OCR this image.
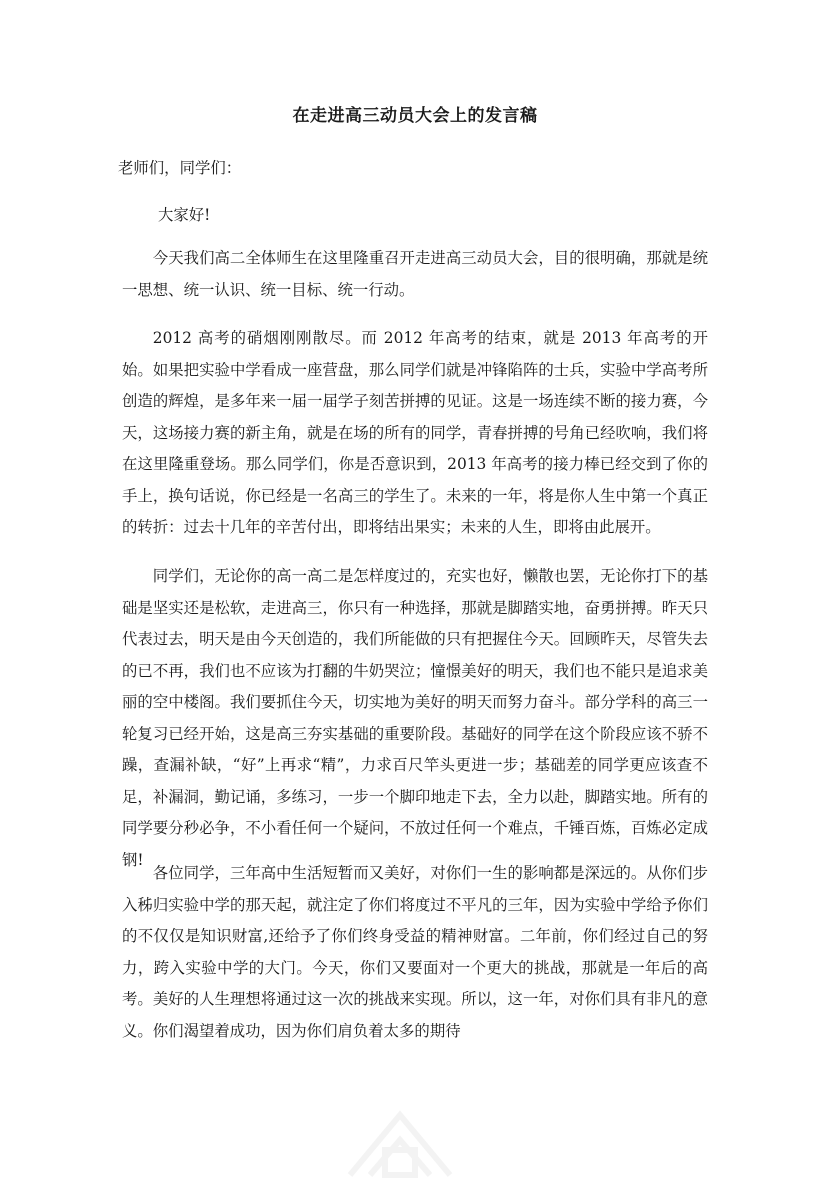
在走进高三动员大会上的发言稿
老师们，同学们：
大家好!

今天我们高二全体师生在这里隆重召开走进高三动员大会，目的很明确，那就是统一思想、统一认识、统一目标、统一行动。

2012 高考的硝烟刚刚散尽。而 2012 年高考的结束，就是 2013 年高考的开始。如果把实验中学看成一座营盘，那么同学们就是冲锋陷阵的士兵，实验中学高考所创造的辉煌，是多年来一届一届学子刻苦拼搏的见证。这是一场连续不断的接力赛，今天，这场接力赛的新主角，就是在场的所有的同学，青春拼搏的号角已经吹响，我们将在这里隆重登场。那么同学们，你是否意识到，2013 年高考的接力棒已经交到了你的手上，换句话说，你已经是一名高三的学生了。未来的一年，将是你人生中第一个真正的转折：过去十几年的辛苦付出，即将结出果实；未来的人生，即将由此展开。

同学们，无论你的高一高二是怎样度过的，充实也好，懒散也罢，无论你打下的基础是坚实还是松软，走进高三，你只有一种选择，那就是脚踏实地，奋勇拼搏。昨天只代表过去，明天是由今天创造的，我们所能做的只有把握住今天。回顾昨天，尽管失去的已不再，我们也不应该为打翻的牛奶哭泣；憧憬美好的明天，我们也不能只是追求美丽的空中楼阁。我们要抓住今天，切实地为美好的明天而努力奋斗。部分学科的高三一轮复习已经开始，这是高三夯实基础的重要阶段。基础好的同学在这个阶段应该不骄不躁，查漏补缺，“好”上再求“精”，力求百尺竿头更进一步；基础差的同学更应该查不足，补漏洞，勤记诵，多练习，一步一个脚印地走下去，全力以赴，脚踏实地。所有的同学要分秒必争，不小看任何一个疑问，不放过任何一个难点，千锤百炼，百炼必定成钢!

各位同学，三年高中生活短暂而又美好，对你们一生的影响都是深远的。从你们步入秭归实验中学的那天起，就注定了你们将度过不平凡的三年，因为实验中学给予你们的不仅仅是知识财富,还给予了你们终身受益的精神财富。二年前，你们经过自己的努力，跨入实验中学的大门。今天，你们又要面对一个更大的挑战，那就是一年后的高考。美好的人生理想将通过这一次的挑战来实现。所以，这一年，对你们具有非凡的意义。你们渴望着成功，因为你们肩负着太多的期待
